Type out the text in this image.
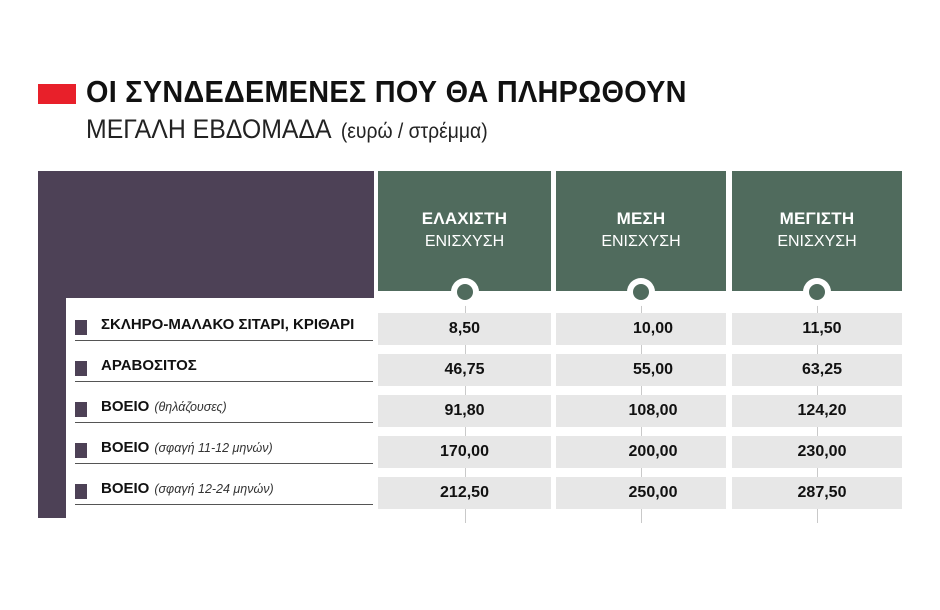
ΟΙ ΣΥΝΔΕΔΕΜΕΝΕΣ ΠΟΥ ΘΑ ΠΛΗΡΩΘΟΥΝ
ΜΕΓΑΛΗ ΕΒΔΟΜΑΔΑ (ευρώ / στρέμμα)
ΕΛΑΧΙΣΤΗ
ΕΝΙΣΧΥΣΗ
ΜΕΣΗ
ΕΝΙΣΧΥΣΗ
ΜΕΓΙΣΤΗ
ΕΝΙΣΧΥΣΗ
ΣΚΛΗΡΟ-ΜΑΛΑΚΟ ΣΙΤΑΡΙ, ΚΡΙΘΑΡΙ	8,50	10,00	11,50
ΑΡΑΒΟΣΙΤΟΣ	46,75	55,00	63,25
ΒΟΕΙΟ (θηλάζουσες)	91,80	108,00	124,20
ΒΟΕΙΟ (σφαγή 11-12 μηνών)	170,00	200,00	230,00
ΒΟΕΙΟ (σφαγή 12-24 μηνών)	212,50	250,00	287,50
